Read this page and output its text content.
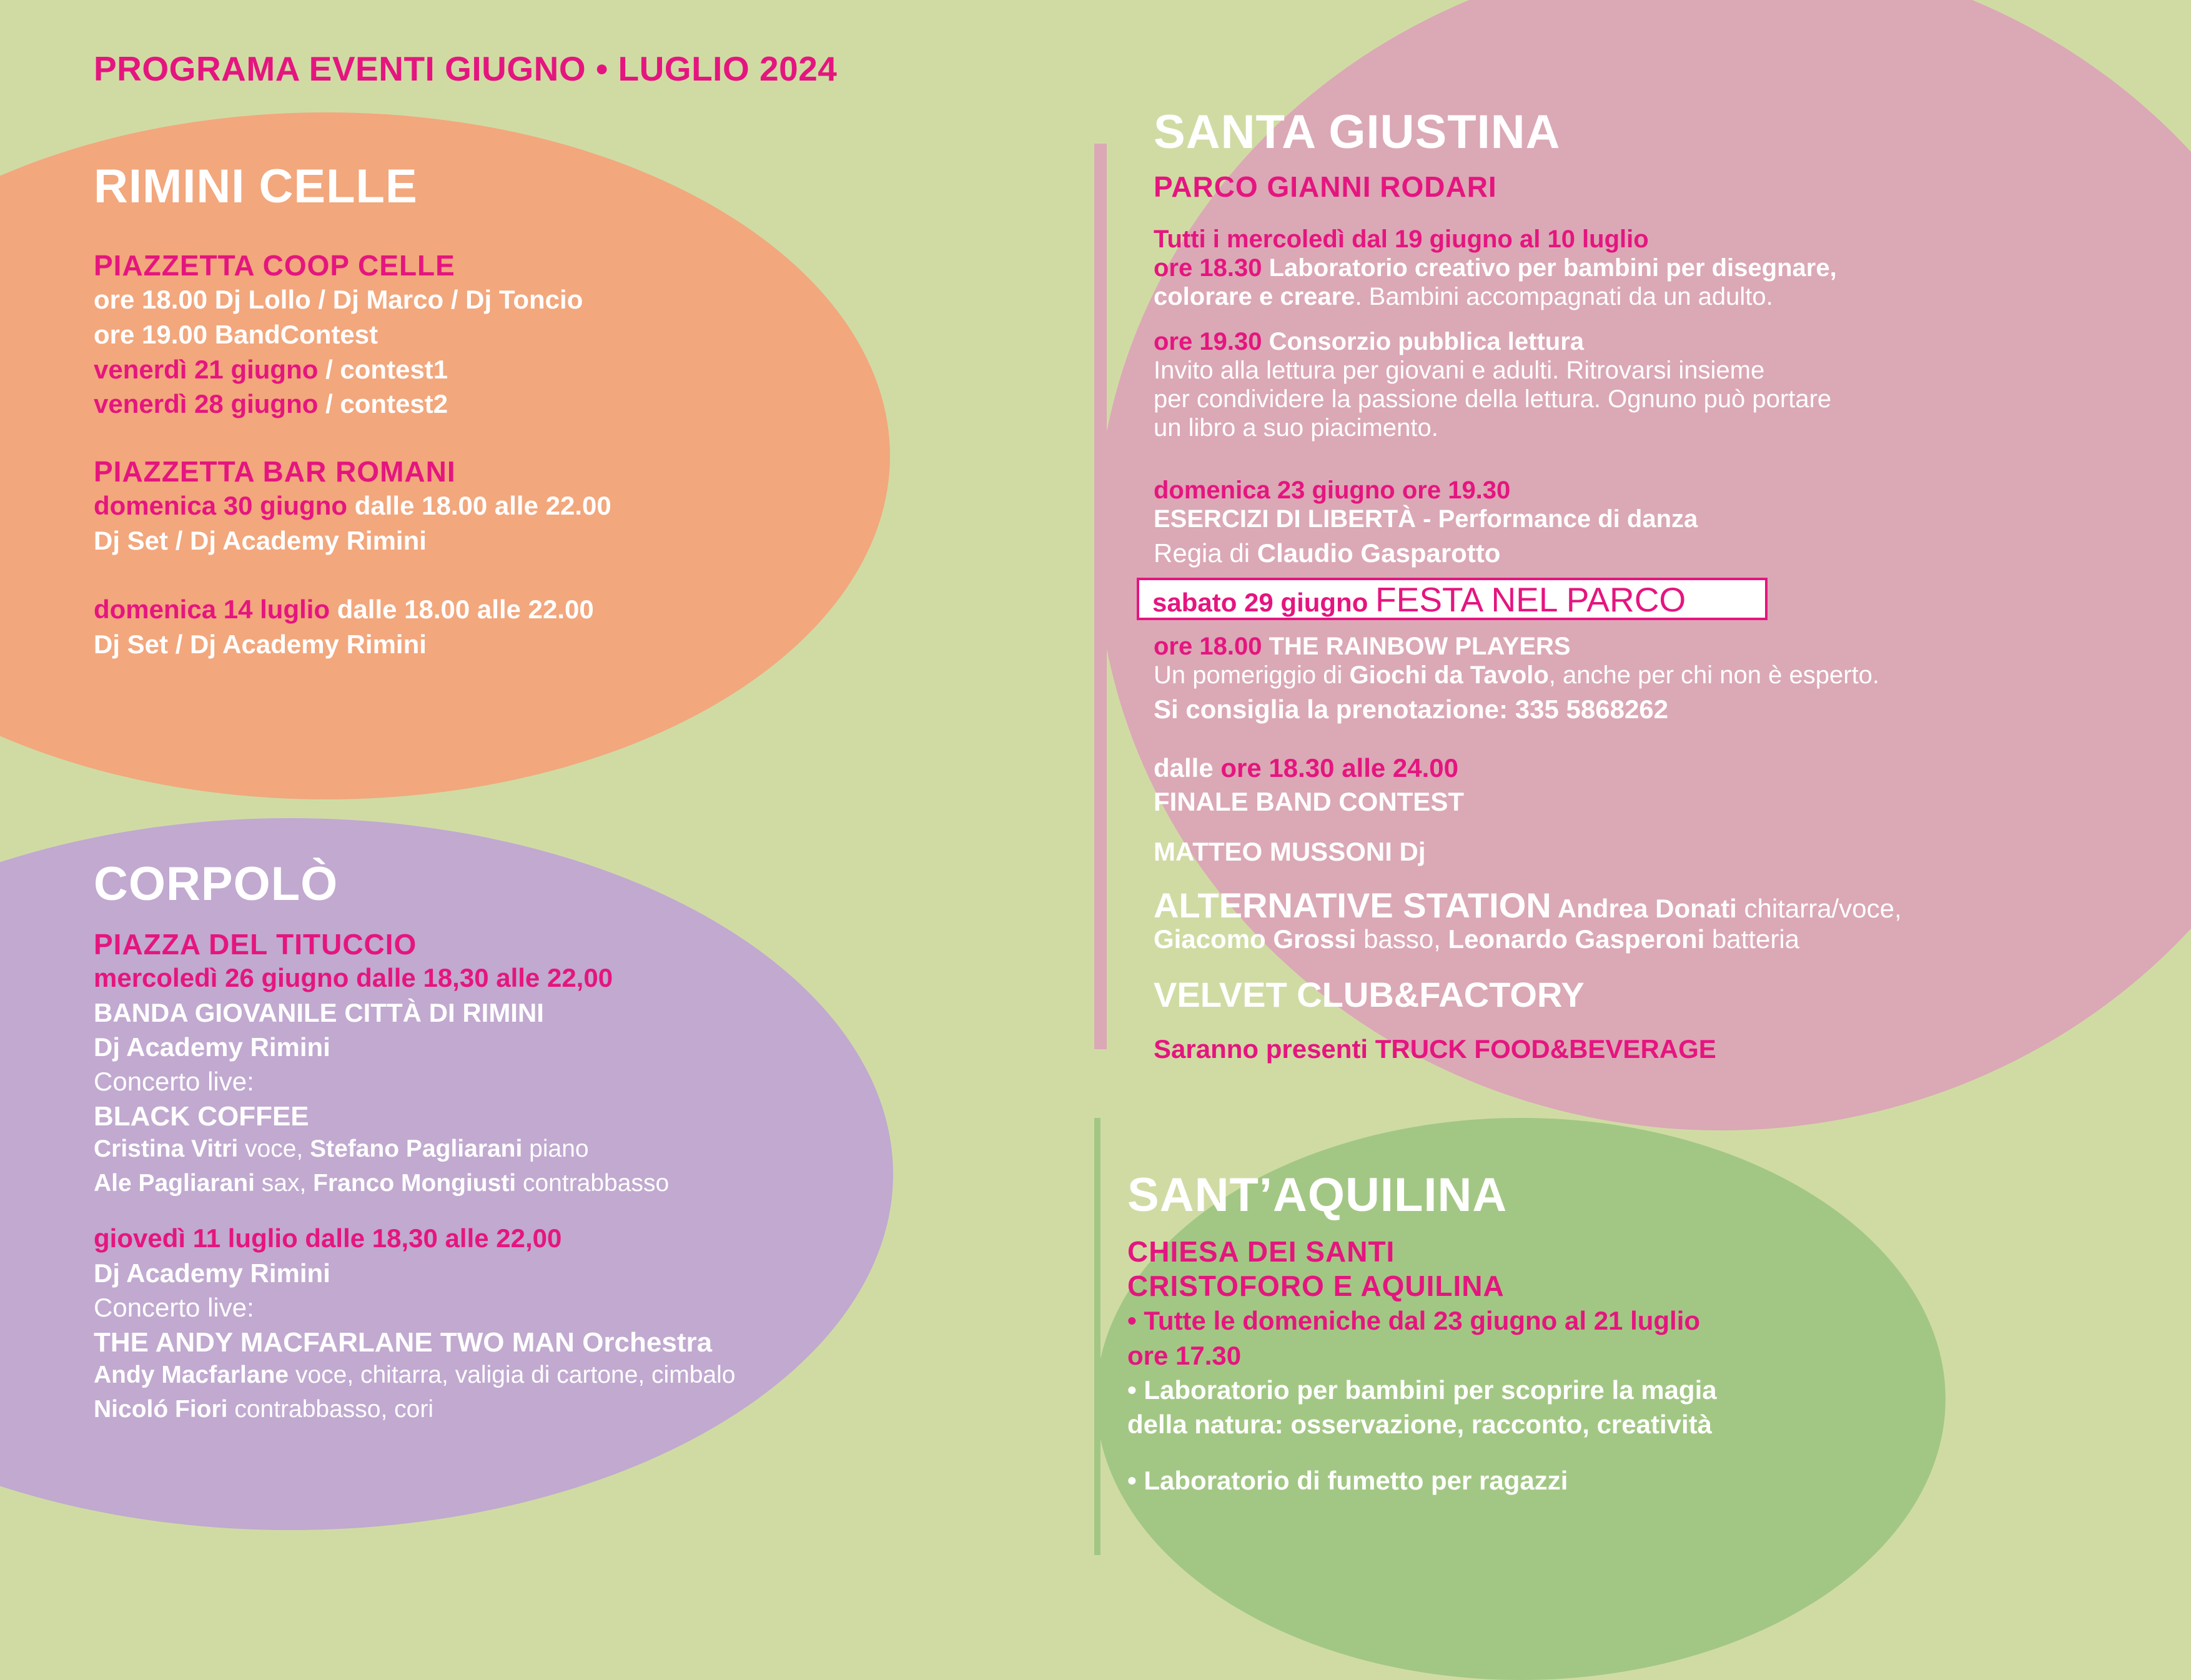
PROGRAMA EVENTI GIUGNO • LUGLIO 2024
RIMINI CELLE
PIAZZETTA COOP CELLE
ore 18.00 Dj Lollo / Dj Marco / Dj Toncio
ore 19.00 BandContest
venerdì 21 giugno / contest1
venerdì 28 giugno / contest2
PIAZZETTA BAR ROMANI
domenica 30 giugno dalle 18.00 alle 22.00
Dj Set / Dj Academy Rimini
domenica 14 luglio dalle 18.00 alle 22.00
Dj Set / Dj Academy Rimini
CORPOLÒ
PIAZZA DEL TITUCCIO
mercoledì 26 giugno dalle 18,30 alle 22,00
BANDA GIOVANILE CITTÀ DI RIMINI
Dj Academy Rimini
Concerto live:
BLACK COFFEE
Cristina Vitri voce, Stefano Pagliarani piano
Ale Pagliarani sax, Franco Mongiusti contrabbasso
giovedì 11 luglio dalle 18,30 alle 22,00
Dj Academy Rimini
Concerto live:
THE ANDY MACFARLANE TWO MAN Orchestra
Andy Macfarlane voce, chitarra, valigia di cartone, cimbalo
Nicoló Fiori contrabbasso, cori
SANTA GIUSTINA
PARCO GIANNI RODARI
Tutti i mercoledì dal 19 giugno al 10 luglio
ore 18.30 Laboratorio creativo per bambini per disegnare,
colorare e creare. Bambini accompagnati da un adulto.
ore 19.30 Consorzio pubblica lettura
Invito alla lettura per giovani e adulti. Ritrovarsi insieme
per condividere la passione della lettura. Ognuno può portare
un libro a suo piacimento.
domenica 23 giugno ore 19.30
ESERCIZI DI LIBERTÀ - Performance di danza
Regia di Claudio Gasparotto
sabato 29 giugno FESTA NEL PARCO
ore 18.00 THE RAINBOW PLAYERS
Un pomeriggio di Giochi da Tavolo, anche per chi non è esperto.
Si consiglia la prenotazione: 335 5868262
dalle ore 18.30 alle 24.00
FINALE BAND CONTEST
MATTEO MUSSONI Dj
ALTERNATIVE STATION Andrea Donati chitarra/voce,
Giacomo Grossi basso, Leonardo Gasperoni batteria
VELVET CLUB&FACTORY
Saranno presenti TRUCK FOOD&BEVERAGE
SANT’AQUILINA
CHIESA DEI SANTI
CRISTOFORO E AQUILINA
• Tutte le domeniche dal 23 giugno al 21 luglio
ore 17.30
• Laboratorio per bambini per scoprire la magia
della natura: osservazione, racconto, creatività
• Laboratorio di fumetto per ragazzi
